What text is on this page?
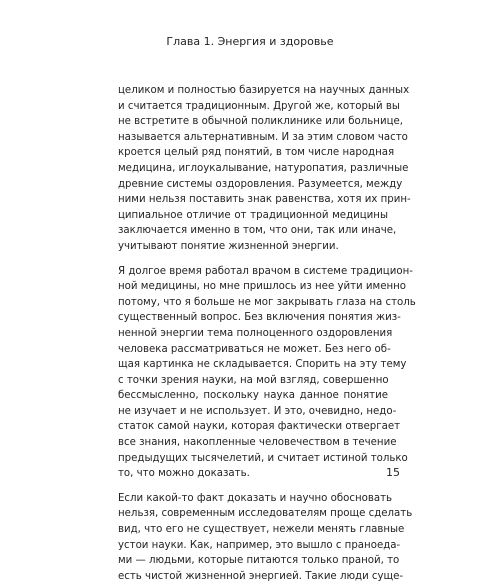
Глава 1. Энергия и здоровье

целиком и полностью базируется на научных данных
и считается традиционным. Другой же, который вы
не встретите в обычной поликлинике или больнице,
называется альтернативным. И за этим словом часто
кроется целый ряд понятий, в том числе народная
медицина, иглоукалывание, натуропатия, различные
древние системы оздоровления. Разумеется, между
ними нельзя поставить знак равенства, хотя их прин-
ципиальное отличие от традиционной медицины
заключается именно в том, что они, так или иначе,
учитывают понятие жизненной энергии.

Я долгое время работал врачом в системе традицион-
ной медицины, но мне пришлось из нее уйти именно
потому, что я больше не мог закрывать глаза на столь
существенный вопрос. Без включения понятия жиз-
ненной энергии тема полноценного оздоровления
человека рассматриваться не может. Без него об-
щая картинка не складывается. Спорить на эту тему
с точки зрения науки, на мой взгляд, совершенно
бессмысленно, поскольку наука данное понятие
не изучает и не использует. И это, очевидно, недо-
статок самой науки, которая фактически отвергает
все знания, накопленные человечеством в течение
предыдущих тысячелетий, и считает истиной только
то, что можно доказать.

Если какой-то факт доказать и научно обосновать
нельзя, современным исследователям проще сделать
вид, что его не существует, нежели менять главные
устои науки. Как, например, это вышло с праноеда-
ми — людьми, которые питаются только праной, то
есть чистой жизненной энергией. Такие люди суще-

15
